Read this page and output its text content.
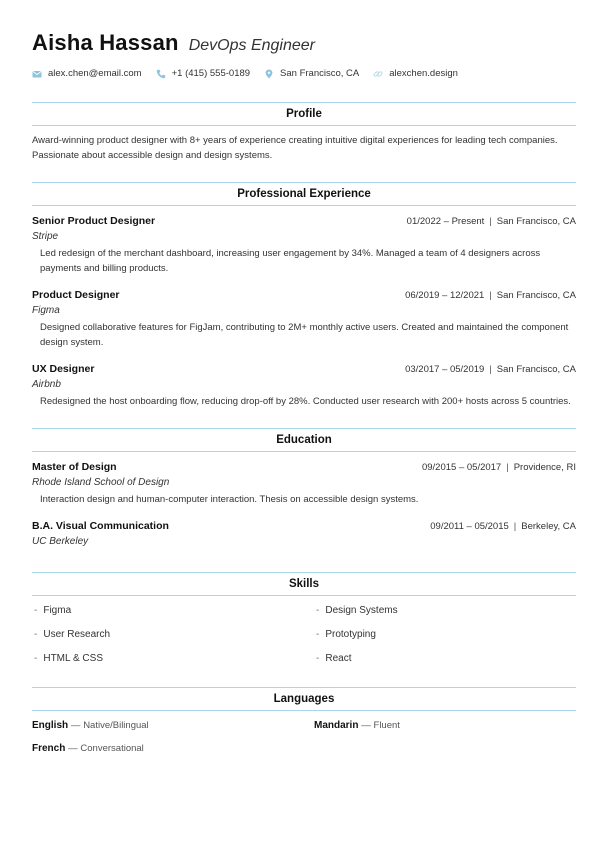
Aisha Hassan DevOps Engineer
alex.chen@email.com	+1 (415) 555-0189	San Francisco, CA	alexchen.design
Profile
Award-winning product designer with 8+ years of experience creating intuitive digital experiences for leading tech companies.
Passionate about accessible design and design systems.
Professional Experience
Senior Product Designer	01/2022 – Present | San Francisco, CA
Stripe
Led redesign of the merchant dashboard, increasing user engagement by 34%. Managed a team of 4 designers across
payments and billing products.
Product Designer	06/2019 – 12/2021 | San Francisco, CA
Figma
Designed collaborative features for FigJam, contributing to 2M+ monthly active users. Created and maintained the component
design system.
UX Designer	03/2017 – 05/2019 | San Francisco, CA
Airbnb
Redesigned the host onboarding flow, reducing drop-off by 28%. Conducted user research with 200+ hosts across 5 countries.
Education
Master of Design	09/2015 – 05/2017 | Providence, RI
Rhode Island School of Design
Interaction design and human-computer interaction. Thesis on accessible design systems.
B.A. Visual Communication	09/2011 – 05/2015 | Berkeley, CA
UC Berkeley
Skills
- Figma	- Design Systems
- User Research	- Prototyping
- HTML & CSS	- React
Languages
English — Native/Bilingual	Mandarin — Fluent
French — Conversational
